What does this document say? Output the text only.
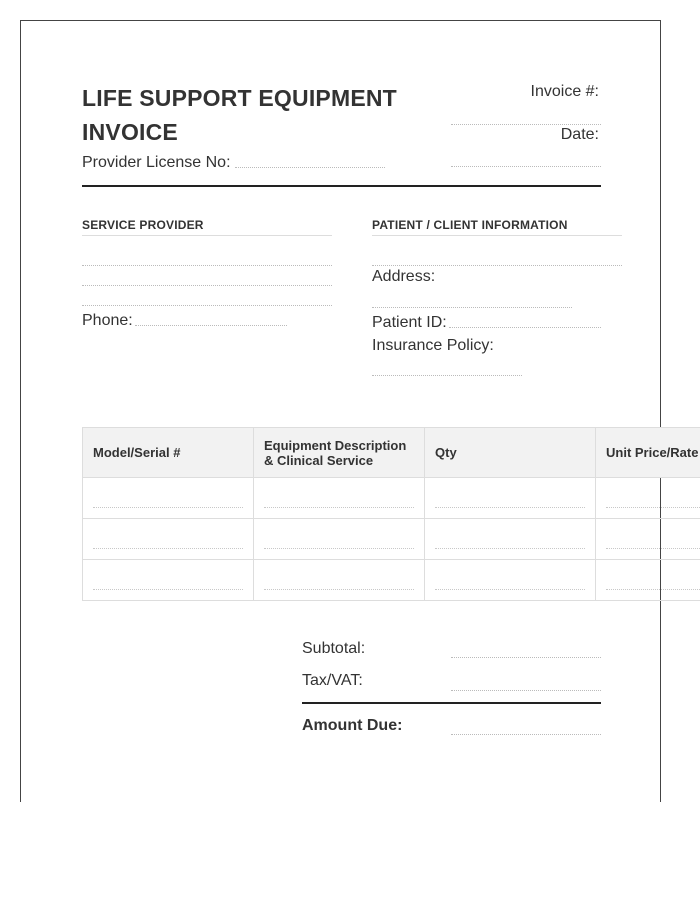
LIFE SUPPORT EQUIPMENT
INVOICE
Provider License No:
Invoice #:
Date:
SERVICE PROVIDER
Phone:
PATIENT / CLIENT INFORMATION
Address:
Patient ID:
Insurance Policy:
Model/Serial #	Equipment Description
& Clinical Service	Qty	Unit Price/Rate

Subtotal:
Tax/VAT:
Amount Due:
